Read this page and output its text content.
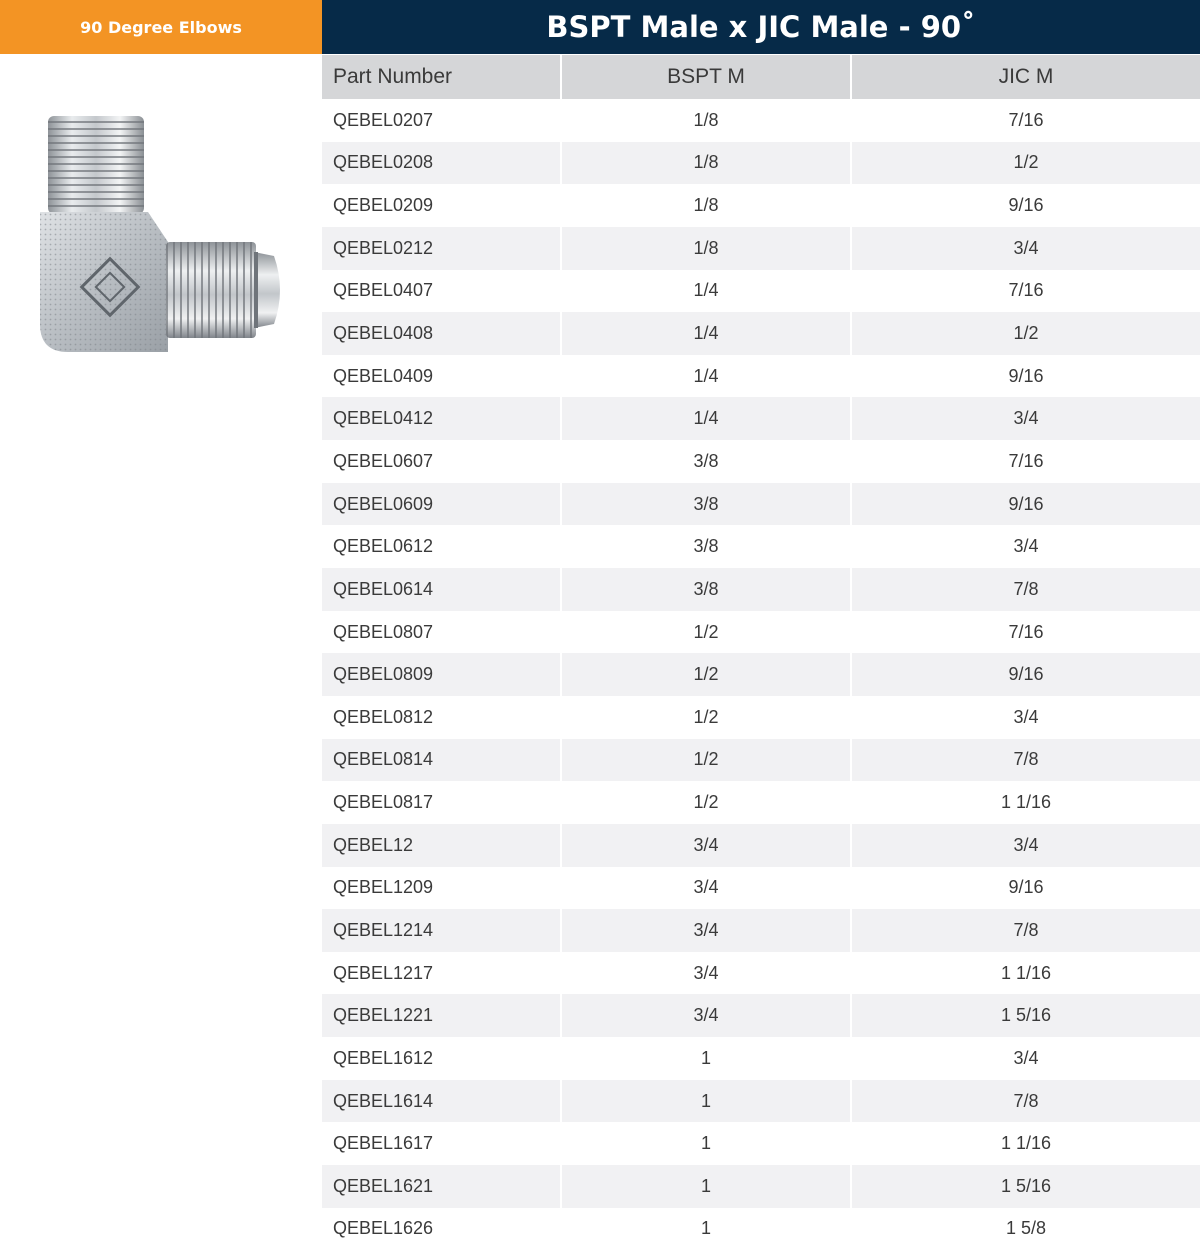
90 Degree Elbows	BSPT Male x JIC Male - 90˚
Part Number	BSPT M	JIC M
QEBEL0207	1/8	7/16
QEBEL0208	1/8	1/2
QEBEL0209	1/8	9/16
QEBEL0212	1/8	3/4
QEBEL0407	1/4	7/16
QEBEL0408	1/4	1/2
QEBEL0409	1/4	9/16
QEBEL0412	1/4	3/4
QEBEL0607	3/8	7/16
QEBEL0609	3/8	9/16
QEBEL0612	3/8	3/4
QEBEL0614	3/8	7/8
QEBEL0807	1/2	7/16
QEBEL0809	1/2	9/16
QEBEL0812	1/2	3/4
QEBEL0814	1/2	7/8
QEBEL0817	1/2	1 1/16
QEBEL12	3/4	3/4
QEBEL1209	3/4	9/16
QEBEL1214	3/4	7/8
QEBEL1217	3/4	1 1/16
QEBEL1221	3/4	1 5/16
QEBEL1612	1	3/4
QEBEL1614	1	7/8
QEBEL1617	1	1 1/16
QEBEL1621	1	1 5/16
QEBEL1626	1	1 5/8
